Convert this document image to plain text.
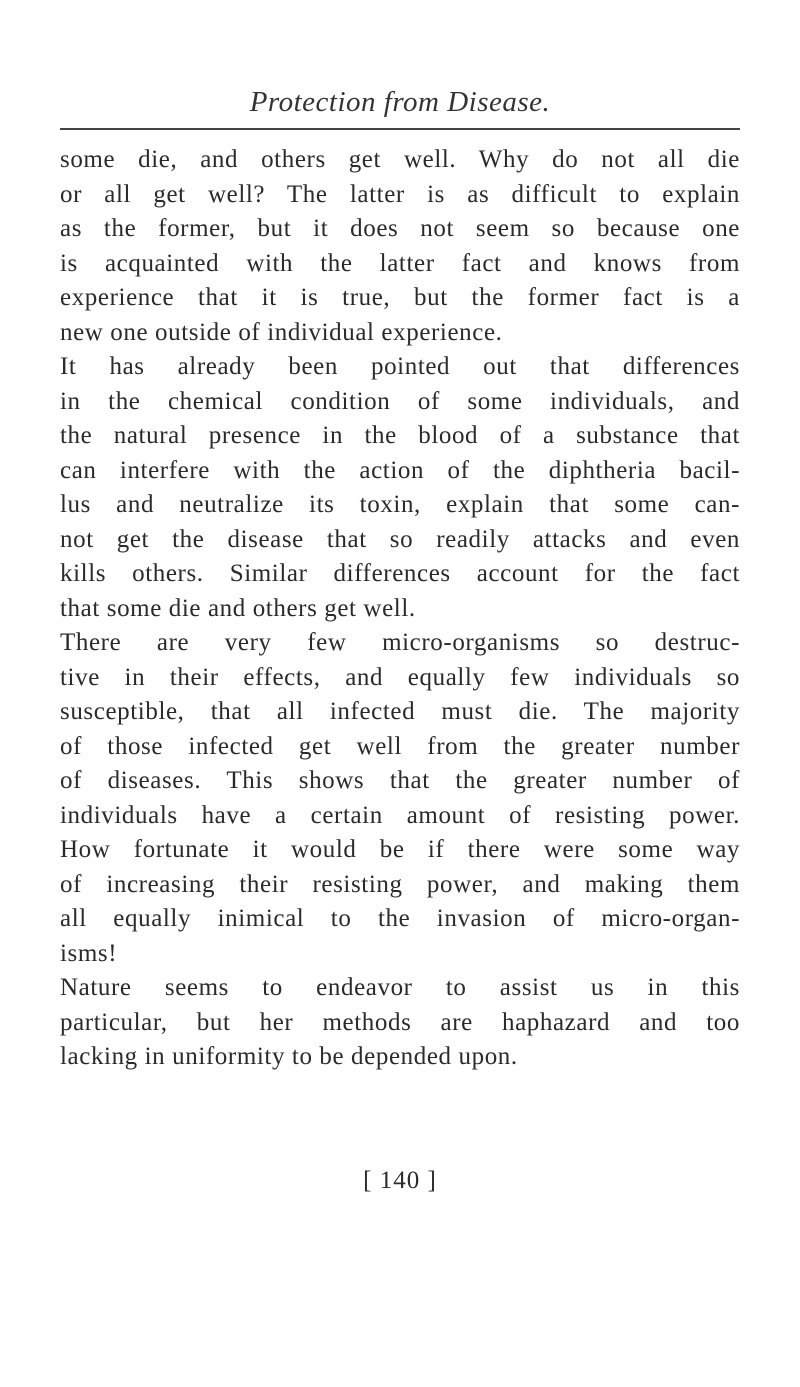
Protection from Disease.
some die, and others get well. Why do not all die
or all get well? The latter is as difficult to explain
as the former, but it does not seem so because one
is acquainted with the latter fact and knows from
experience that it is true, but the former fact is a
new one outside of individual experience.
It has already been pointed out that differences
in the chemical condition of some individuals, and
the natural presence in the blood of a substance that
can interfere with the action of the diphtheria bacil-
lus and neutralize its toxin, explain that some can-
not get the disease that so readily attacks and even
kills others. Similar differences account for the fact
that some die and others get well.
There are very few micro-organisms so destruc-
tive in their effects, and equally few individuals so
susceptible, that all infected must die. The majority
of those infected get well from the greater number
of diseases. This shows that the greater number of
individuals have a certain amount of resisting power.
How fortunate it would be if there were some way
of increasing their resisting power, and making them
all equally inimical to the invasion of micro-organ-
isms!
Nature seems to endeavor to assist us in this
particular, but her methods are haphazard and too
lacking in uniformity to be depended upon.
[ 140 ]
